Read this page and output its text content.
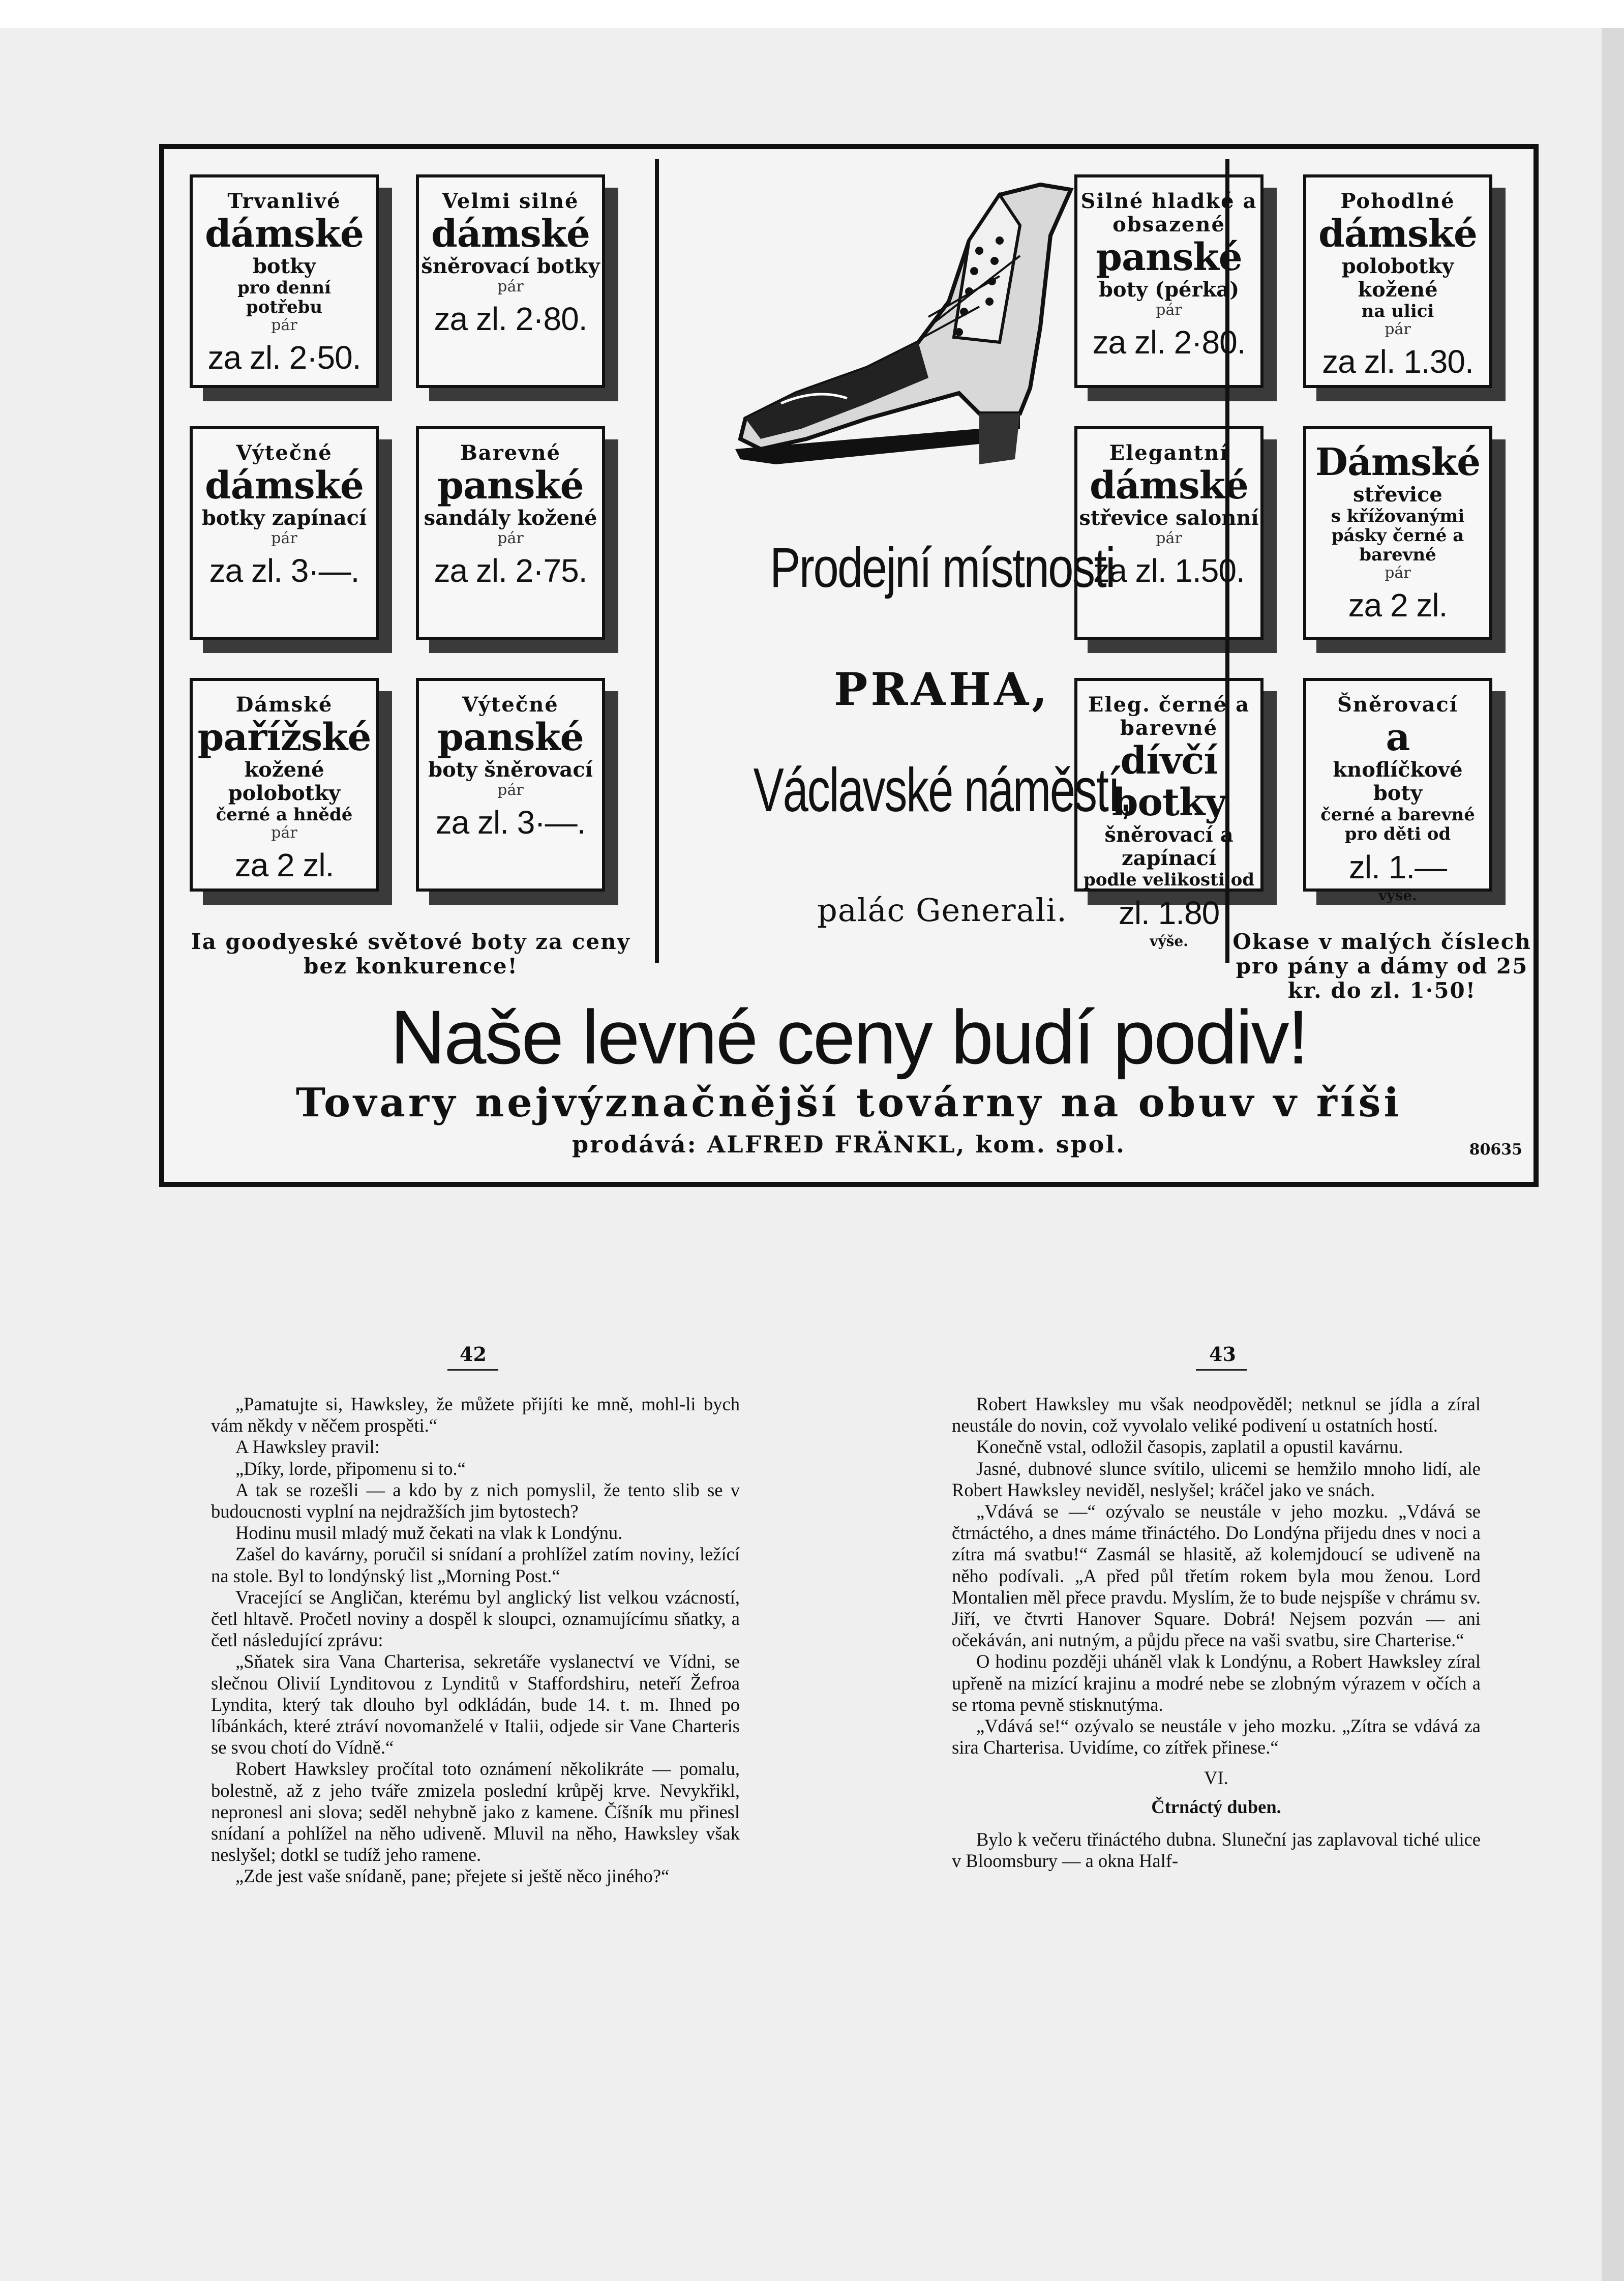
Trvanlivé
dámské
botky
pro denní potřebu
pár
za zl. 2·50.
Velmi silné
dámské
šněrovací botky
pár
za zl. 2·80.
Výtečné
dámské
botky zapínací
pár
za zl. 3·—.
Barevné
panské
sandály kožené
pár
za zl. 2·75.
Dámské
pařížské
kožené polobotky
černé a hnědé
pár
za 2 zl.
Výtečné
panské
boty šněrovací
pár
za zl. 3·—.
Silné hladké a obsazené
panské
boty (pérka)
pár
za zl. 2·80.
Pohodlné
dámské
polobotky kožené
na ulici
pár
za zl. 1.30.
Elegantní
dámské
střevice salonní
pár
za zl. 1.50.
Dámské
střevice
s křížovanými pásky černé a barevné
pár
za 2 zl.
Eleg. černé a barevné
dívčí botky
šněrovací a zapínací
podle velikosti od
zl. 1.80
výše.
Šněrovací
a
knoflíčkové boty
černé a barevné pro děti od
zl. 1.—
výše.
Prodejní místnosti
PRAHA,
Václavské náměstí,
palác Generali.
Ia goodyeské světové boty za ceny bez konkurence!
Okase v malých číslech pro pány a dámy od 25 kr. do zl. 1·50!
Naše levné ceny budí podiv!
Tovary nejvýznačnější továrny na obuv v říši
prodává: ALFRED FRÄNKL, kom. spol.	80635
42	43

„Pamatujte si, Hawksley, že můžete přijíti ke mně, mohl-li bych vám někdy v něčem prospěti.“

A Hawksley pravil:

„Díky, lorde, připomenu si to.“

A tak se rozešli — a kdo by z nich pomyslil, že tento slib se v budoucnosti vyplní na nejdražších jim bytostech?

Hodinu musil mladý muž čekati na vlak k Londýnu.

Zašel do kavárny, poručil si snídaní a prohlížel zatím noviny, ležící na stole. Byl to londýnský list „Morning Post.“

Vracející se Angličan, kterému byl anglický list velkou vzácností, četl hltavě. Pročetl noviny a dospěl k sloupci, oznamujícímu sňatky, a četl následující zprávu:

„Sňatek sira Vana Charterisa, sekretáře vyslanectví ve Vídni, se slečnou Olivií Lynditovou z Lynditů v Staffordshiru, neteří Žefroa Lyndita, který tak dlouho byl odkládán, bude 14. t. m. Ihned po líbánkách, které ztráví novomanželé v Italii, odjede sir Vane Charteris se svou chotí do Vídně.“

Robert Hawksley pročítal toto oznámení několikráte — pomalu, bolestně, až z jeho tváře zmizela poslední krůpěj krve. Nevykřikl, nepronesl ani slova; seděl nehybně jako z kamene. Číšník mu přinesl snídaní a pohlížel na něho udiveně. Mluvil na něho, Hawksley však neslyšel; dotkl se tudíž jeho ramene.

„Zde jest vaše snídaně, pane; přejete si ještě něco jiného?“

Robert Hawksley mu však neodpověděl; netknul se jídla a zíral neustále do novin, což vyvolalo veliké podivení u ostatních hostí.

Konečně vstal, odložil časopis, zaplatil a opustil kavárnu.

Jasné, dubnové slunce svítilo, ulicemi se hemžilo mnoho lidí, ale Robert Hawksley neviděl, neslyšel; kráčel jako ve snách.

„Vdává se —“ ozývalo se neustále v jeho mozku. „Vdává se čtrnáctého, a dnes máme třináctého. Do Londýna přijedu dnes v noci a zítra má svatbu!“ Zasmál se hlasitě, až kolemjdoucí se udiveně na něho podívali. „A před půl třetím rokem byla mou ženou. Lord Montalien měl přece pravdu. Myslím, že to bude nejspíše v chrámu sv. Jiří, ve čtvrti Hanover Square. Dobrá! Nejsem pozván — ani očekáván, ani nutným, a půjdu přece na vaši svatbu, sire Charterise.“

O hodinu později uháněl vlak k Londýnu, a Robert Hawksley zíral upřeně na mizící krajinu a modré nebe se zlobným výrazem v očích a se rtoma pevně stisknutýma.

„Vdává se!“ ozývalo se neustále v jeho mozku. „Zítra se vdává za sira Charterisa. Uvidíme, co zítřek přinese.“

VI.

Čtrnáctý duben.

Bylo k večeru třináctého dubna. Sluneční jas zaplavoval tiché ulice v Bloomsbury — a okna Half-
